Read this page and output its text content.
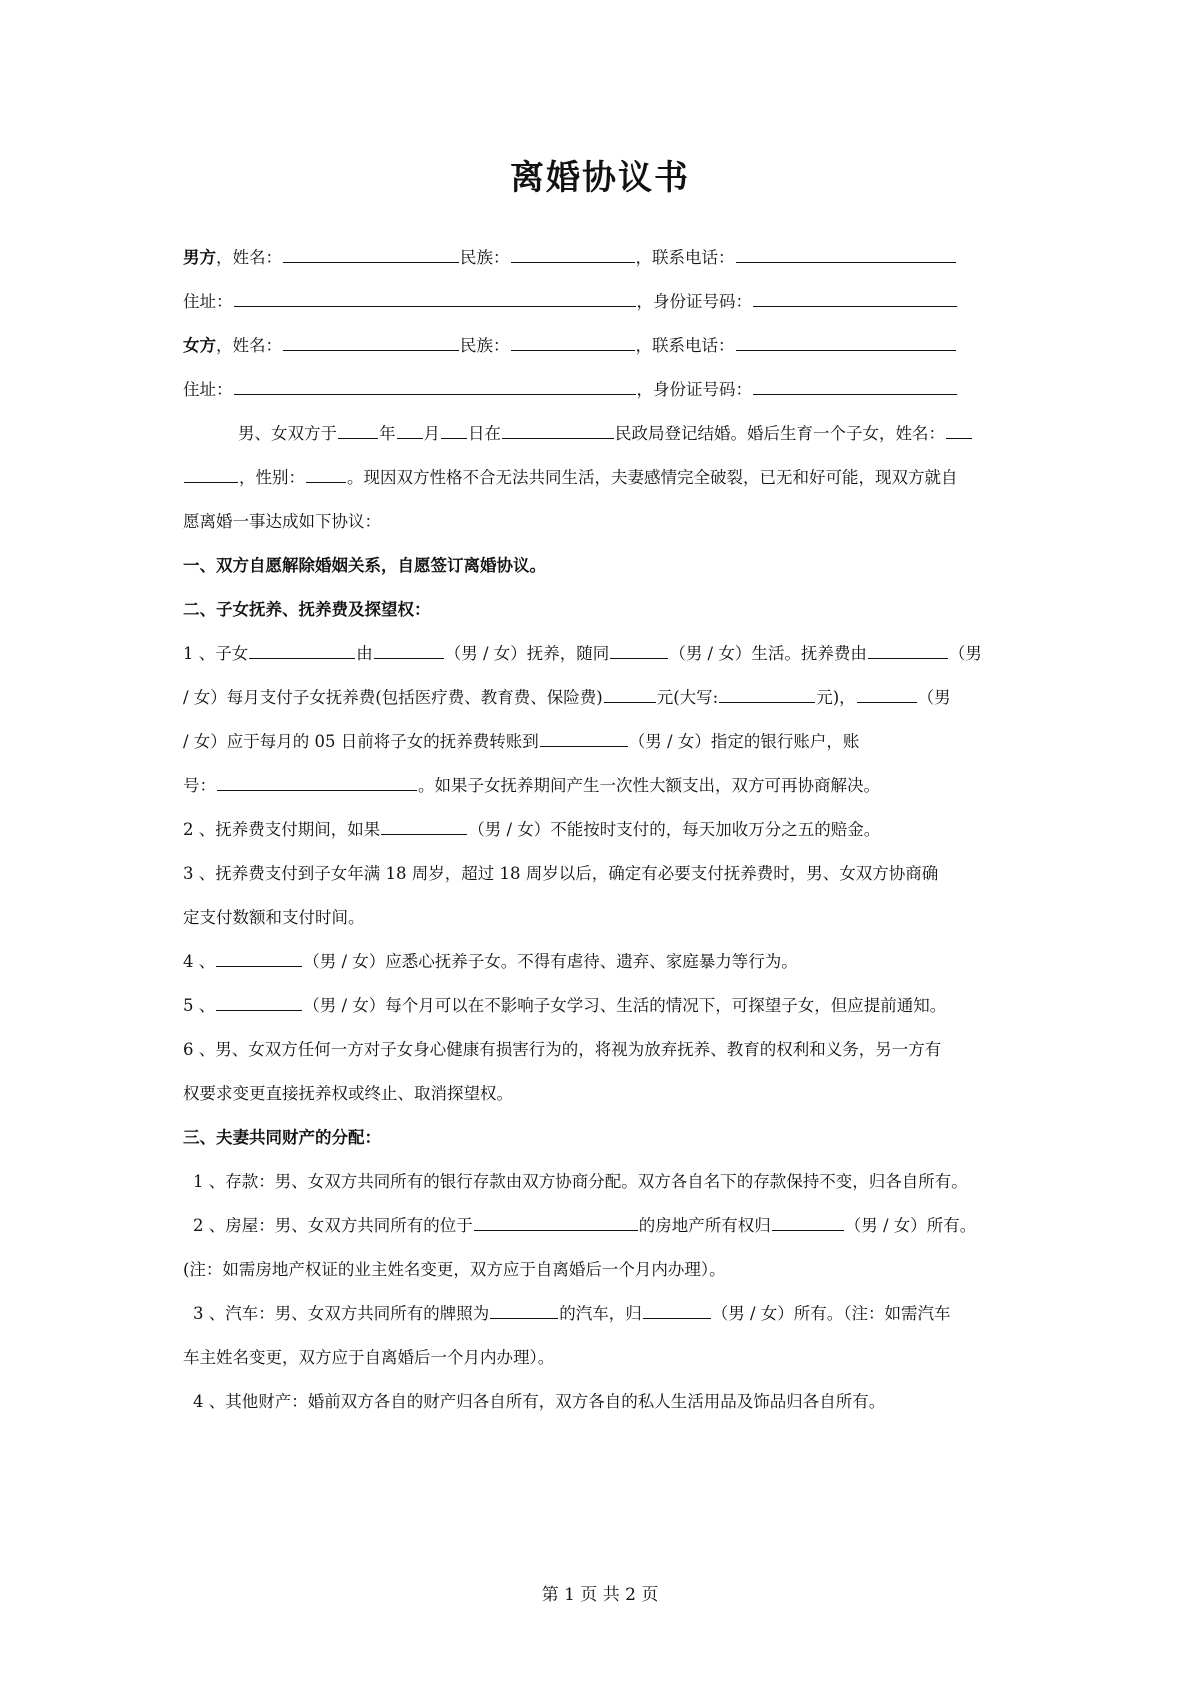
离婚协议书
男方，姓名：	民族：	，联系电话：
住址：	，身份证号码：
女方，姓名：	民族：	，联系电话：
住址：	，身份证号码：
男、女双方于	年 月 日在	民政局登记结婚。婚后生育一个子女，姓名：
，性别：	。现因双方性格不合无法共同生活，夫妻感情完全破裂，已无和好可能，现双方就自
愿离婚一事达成如下协议：
一、双方自愿解除婚姻关系，自愿签订离婚协议。
二、子女抚养、抚养费及探望权：
1 、子女	由	（男 / 女）抚养，随同	（男 / 女）生活。抚养费由	（男
/ 女）每月支付子女抚养费(包括医疗费、教育费、保险费)	元(大写:	元)，	（男
/ 女）应于每月的 05 日前将子女的抚养费转账到	（男 / 女）指定的银行账户，账
号：	。如果子女抚养期间产生一次性大额支出，双方可再协商解决。
2 、抚养费支付期间，如果	（男 / 女）不能按时支付的，每天加收万分之五的赔金。
3 、抚养费支付到子女年满 18 周岁，超过 18 周岁以后，确定有必要支付抚养费时，男、女双方协商确
定支付数额和支付时间。
4 、	（男 / 女）应悉心抚养子女。不得有虐待、遗弃、家庭暴力等行为。
5 、	（男 / 女）每个月可以在不影响子女学习、生活的情况下，可探望子女，但应提前通知。
6 、男、女双方任何一方对子女身心健康有损害行为的，将视为放弃抚养、教育的权利和义务，另一方有
权要求变更直接抚养权或终止、取消探望权。
三、夫妻共同财产的分配：
1 、存款：男、女双方共同所有的银行存款由双方协商分配。双方各自名下的存款保持不变，归各自所有。
2 、房屋：男、女双方共同所有的位于	的房地产所有权归	（男 / 女）所有。
(注：如需房地产权证的业主姓名变更，双方应于自离婚后一个月内办理）。
3 、汽车：男、女双方共同所有的牌照为	的汽车，归	（男 / 女）所有。（注：如需汽车
车主姓名变更，双方应于自离婚后一个月内办理）。
4 、其他财产：婚前双方各自的财产归各自所有，双方各自的私人生活用品及饰品归各自所有。
第 1 页 共 2 页
